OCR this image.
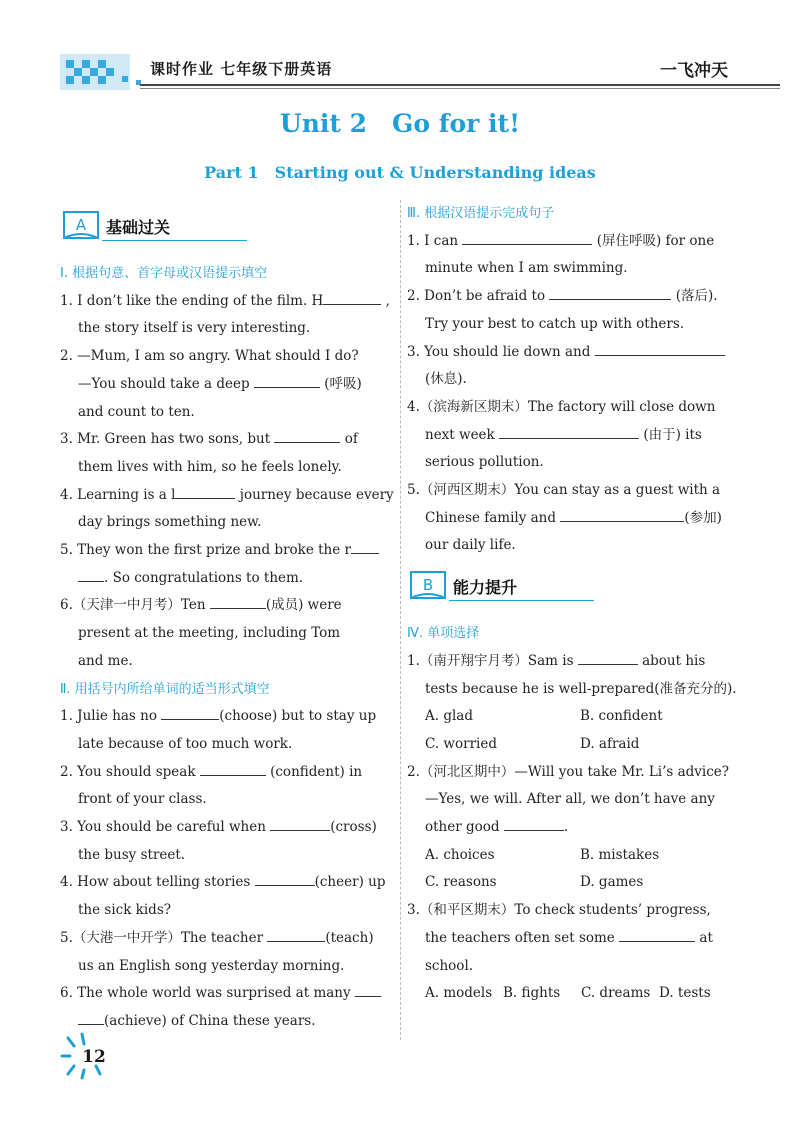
课时作业 七年级下册英语	一飞冲天
Unit 2　Go for it!
Part 1　Starting out & Understanding ideas
A 基础过关
Ⅰ. 根据句意、首字母或汉语提示填空

1. I don’t like the ending of the film. H	,

the story itself is very interesting.

2. —Mum, I am so angry. What should I do?

—You should take a deep	(呼吸)

and count to ten.

3. Mr. Green has two sons, but	of

them lives with him, so he feels lonely.

4. Learning is a l	journey because every

day brings something new.

5. They won the first prize and broke the r

. So congratulations to them.

6.（天津一中月考）Ten	(成员) were

present at the meeting, including Tom

and me.

Ⅱ. 用括号内所给单词的适当形式填空

1. Julie has no	(choose) but to stay up

late because of too much work.

2. You should speak	(confident) in

front of your class.

3. You should be careful when	(cross)

the busy street.

4. How about telling stories	(cheer) up

the sick kids?

5.（大港一中开学）The teacher	(teach)

us an English song yesterday morning.

6. The whole world was surprised at many

(achieve) of China these years.

Ⅲ. 根据汉语提示完成句子

1. I can	(屏住呼吸) for one

minute when I am swimming.

2. Don’t be afraid to	(落后).

Try your best to catch up with others.

3. You should lie down and

(休息).

4.（滨海新区期末）The factory will close down

next week	(由于) its

serious pollution.

5.（河西区期末）You can stay as a guest with a

Chinese family and	(参加)

our daily life.

B 能力提升
Ⅳ. 单项选择

1.（南开翔宇月考）Sam is	about his

tests because he is well-prepared(准备充分的).

A. glad	B. confident

C. worried	D. afraid

2.（河北区期中）—Will you take Mr. Li’s advice?

—Yes, we will. After all, we don’t have any

other good	.

A. choices	B. mistakes

C. reasons	D. games

3.（和平区期末）To check students’ progress,

the teachers often set some	at

school.

A. models B. fights	C. dreams D. tests

12
